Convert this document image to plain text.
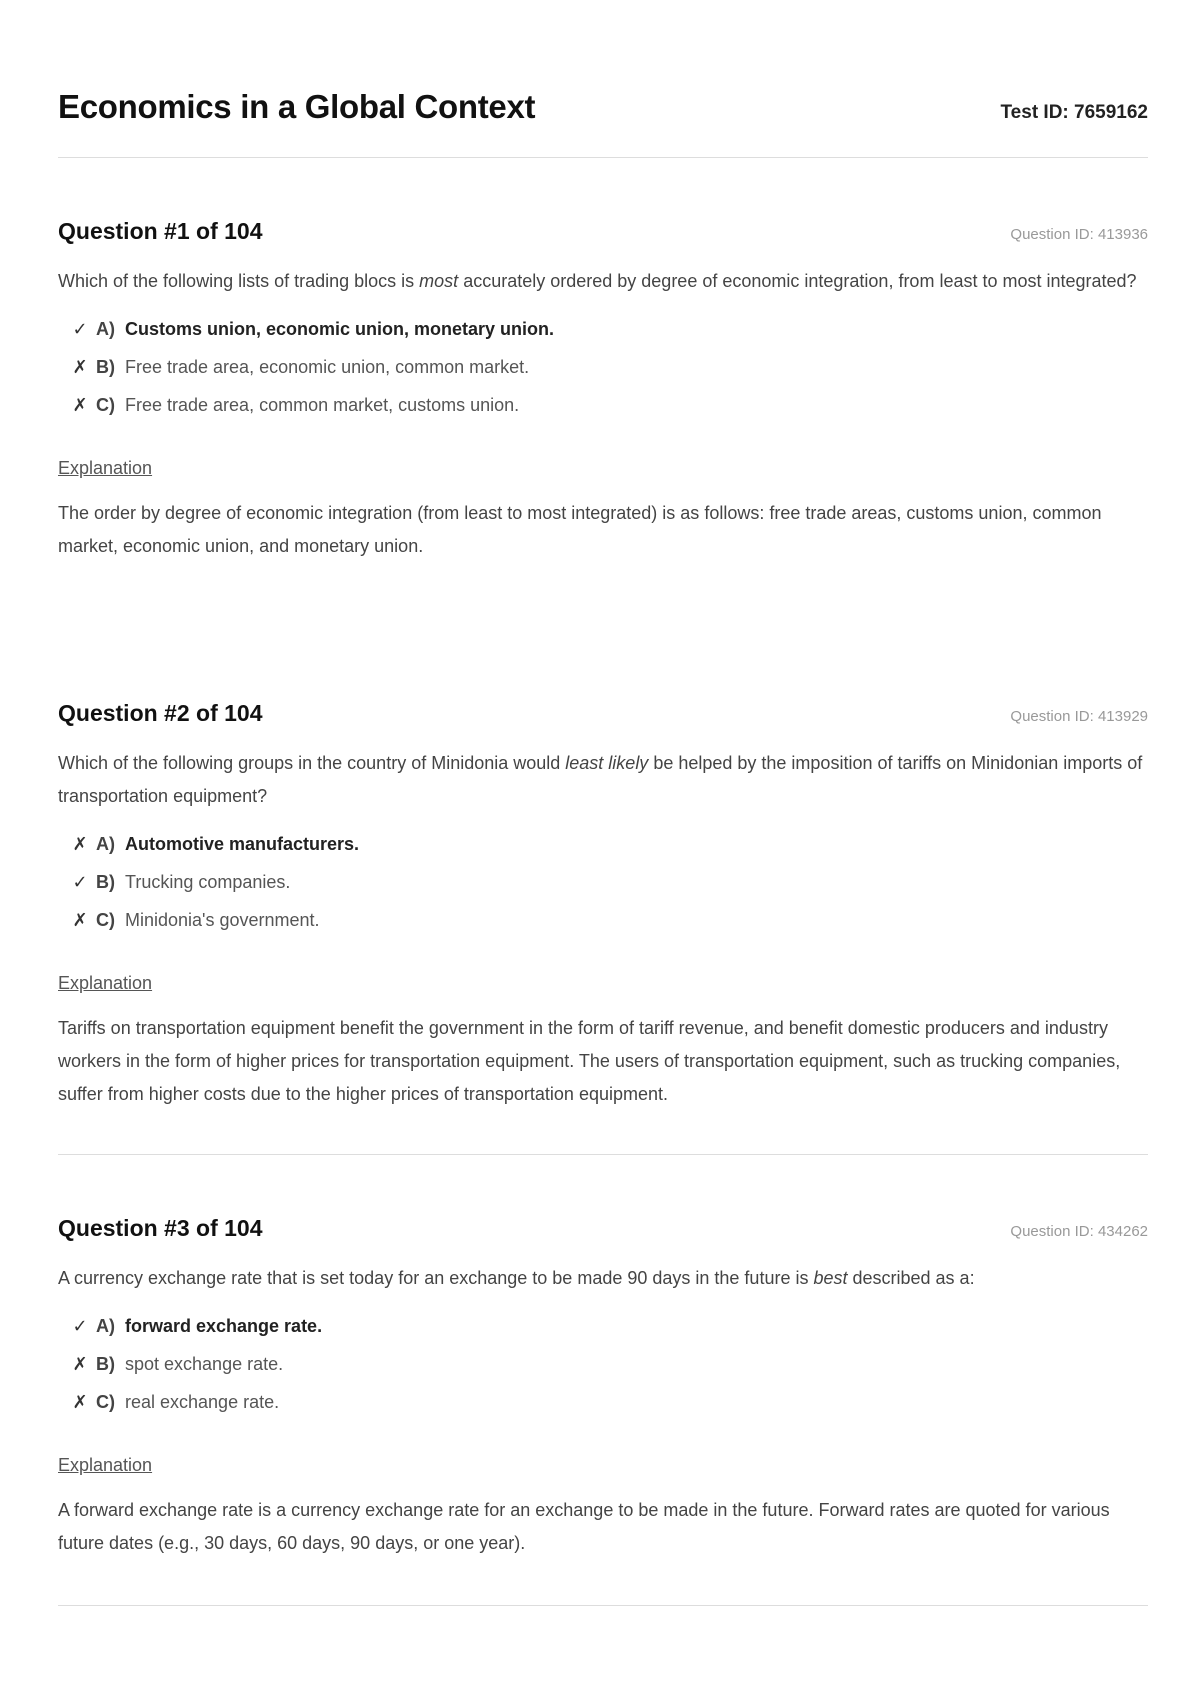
Economics in a Global Context	Test ID: 7659162
Question #1 of 104	Question ID: 413936
Which of the following lists of trading blocs is most accurately ordered by degree of economic integration, from least to most integrated?
✓ A) Customs union, economic union, monetary union.
✗ B) Free trade area, economic union, common market.
✗ C) Free trade area, common market, customs union.
Explanation
The order by degree of economic integration (from least to most integrated) is as follows: free trade areas, customs union, common market, economic union, and monetary union.
Question #2 of 104	Question ID: 413929
Which of the following groups in the country of Minidonia would least likely be helped by the imposition of tariffs on Minidonian imports of transportation equipment?
✗ A) Automotive manufacturers.
✓ B) Trucking companies.
✗ C) Minidonia's government.
Explanation
Tariffs on transportation equipment benefit the government in the form of tariff revenue, and benefit domestic producers and industry workers in the form of higher prices for transportation equipment. The users of transportation equipment, such as trucking companies, suffer from higher costs due to the higher prices of transportation equipment.
Question #3 of 104	Question ID: 434262
A currency exchange rate that is set today for an exchange to be made 90 days in the future is best described as a:
✓ A) forward exchange rate.
✗ B) spot exchange rate.
✗ C) real exchange rate.
Explanation
A forward exchange rate is a currency exchange rate for an exchange to be made in the future. Forward rates are quoted for various future dates (e.g., 30 days, 60 days, 90 days, or one year).
